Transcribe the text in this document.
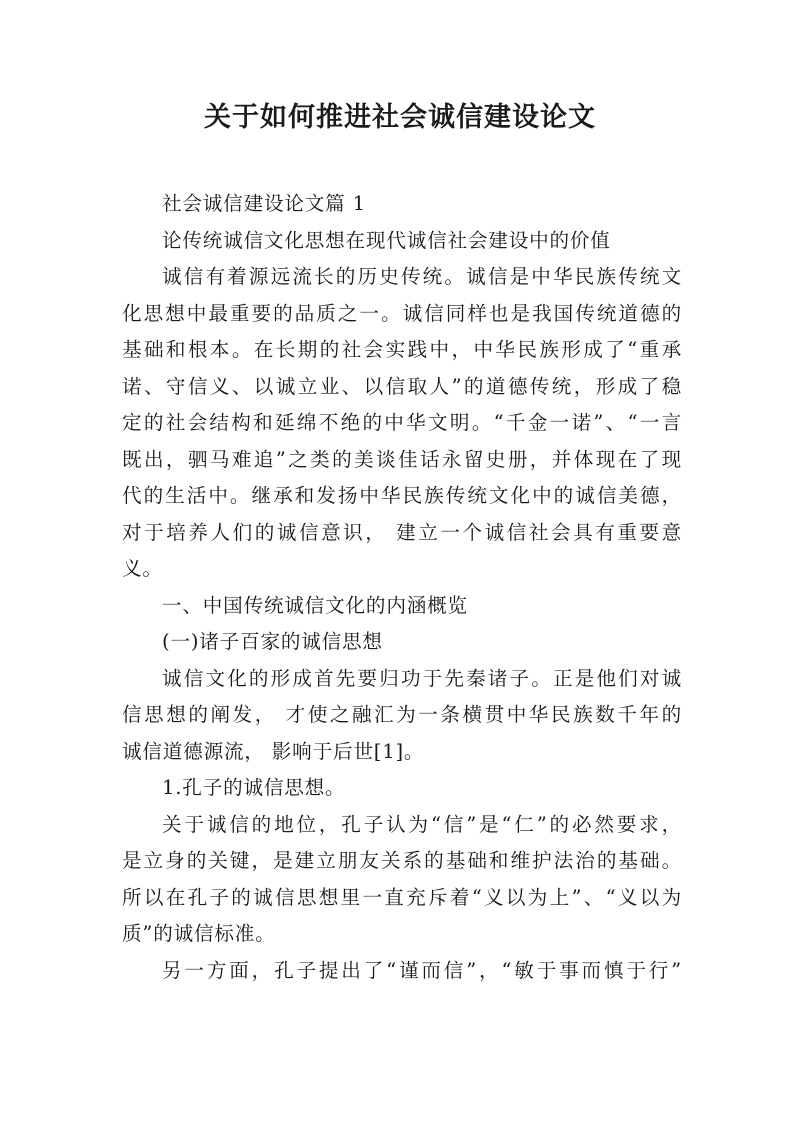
关于如何推进社会诚信建设论文
社会诚信建设论文篇 1
论传统诚信文化思想在现代诚信社会建设中的价值
诚信有着源远流长的历史传统。诚信是中华民族传统文
化思想中最重要的品质之一。诚信同样也是我国传统道德的
基础和根本。在长期的社会实践中，中华民族形成了“重承
诺、守信义、以诚立业、以信取人”的道德传统，形成了稳
定的社会结构和延绵不绝的中华文明。“千金一诺”、“一言
既出，驷马难追”之类的美谈佳话永留史册，并体现在了现
代的生活中。继承和发扬中华民族传统文化中的诚信美德，
对于培养人们的诚信意识， 建立一个诚信社会具有重要意
义。
一、中国传统诚信文化的内涵概览
(一)诸子百家的诚信思想
诚信文化的形成首先要归功于先秦诸子。正是他们对诚
信思想的阐发， 才使之融汇为一条横贯中华民族数千年的
诚信道德源流， 影响于后世[1]。
1.孔子的诚信思想。
关于诚信的地位，孔子认为“信”是“仁”的必然要求，
是立身的关键，是建立朋友关系的基础和维护法治的基础。
所以在孔子的诚信思想里一直充斥着“义以为上”、“义以为
质”的诚信标准。
另一方面，孔子提出了“谨而信”，“敏于事而慎于行”
